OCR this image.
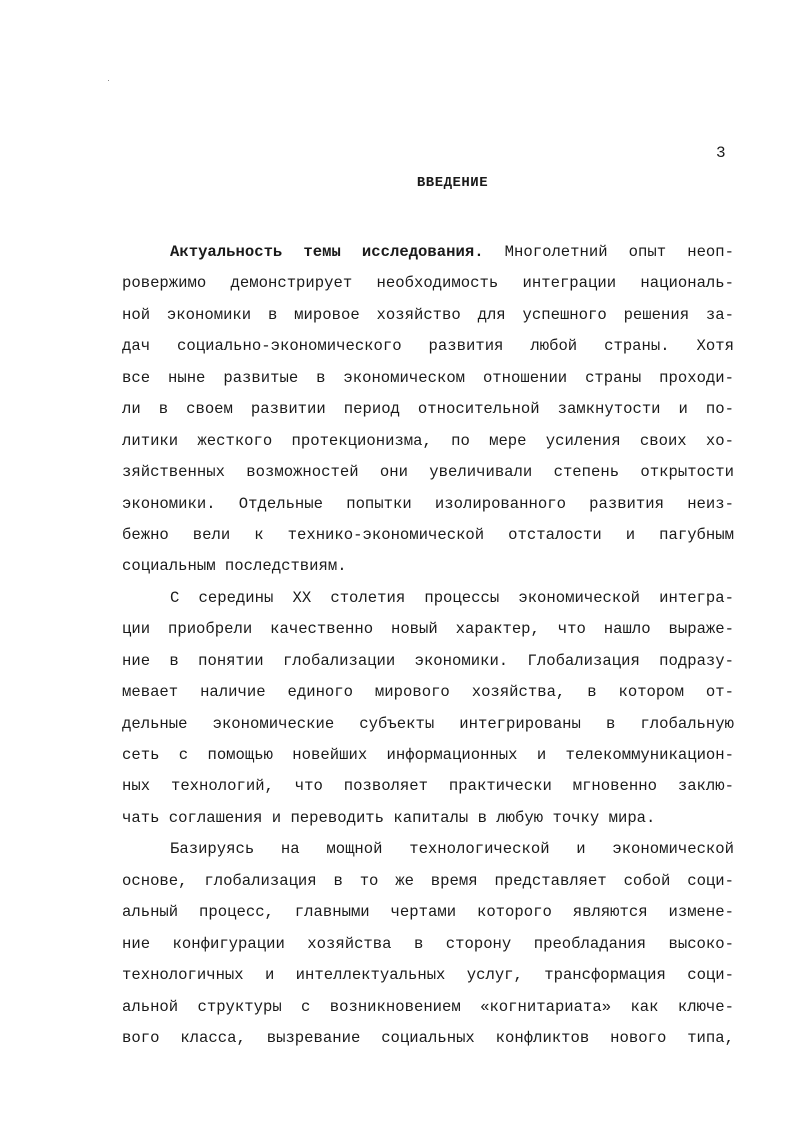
3
ВВЕДЕНИЕ
Актуальность темы исследования. Многолетний опыт неоп-
ровержимо демонстрирует необходимость интеграции националь-
ной экономики в мировое хозяйство для успешного решения за-
дач социально-экономического развития любой страны. Хотя
все ныне развитые в экономическом отношении страны проходи-
ли в своем развитии период относительной замкнутости и по-
литики жесткого протекционизма, по мере усиления своих хо-
зяйственных возможностей они увеличивали степень открытости
экономики. Отдельные попытки изолированного развития неиз-
бежно вели к технико-экономической отсталости и пагубным
социальным последствиям.
С середины XX столетия процессы экономической интегра-
ции приобрели качественно новый характер, что нашло выраже-
ние в понятии глобализации экономики. Глобализация подразу-
мевает наличие единого мирового хозяйства, в котором от-
дельные экономические субъекты интегрированы в глобальную
сеть с помощью новейших информационных и телекоммуникацион-
ных технологий, что позволяет практически мгновенно заклю-
чать соглашения и переводить капиталы в любую точку мира.
Базируясь на мощной технологической и экономической
основе, глобализация в то же время представляет собой соци-
альный процесс, главными чертами которого являются измене-
ние конфигурации хозяйства в сторону преобладания высоко-
технологичных и интеллектуальных услуг, трансформация соци-
альной структуры с возникновением «когнитариата» как ключе-
вого класса, вызревание социальных конфликтов нового типа,
